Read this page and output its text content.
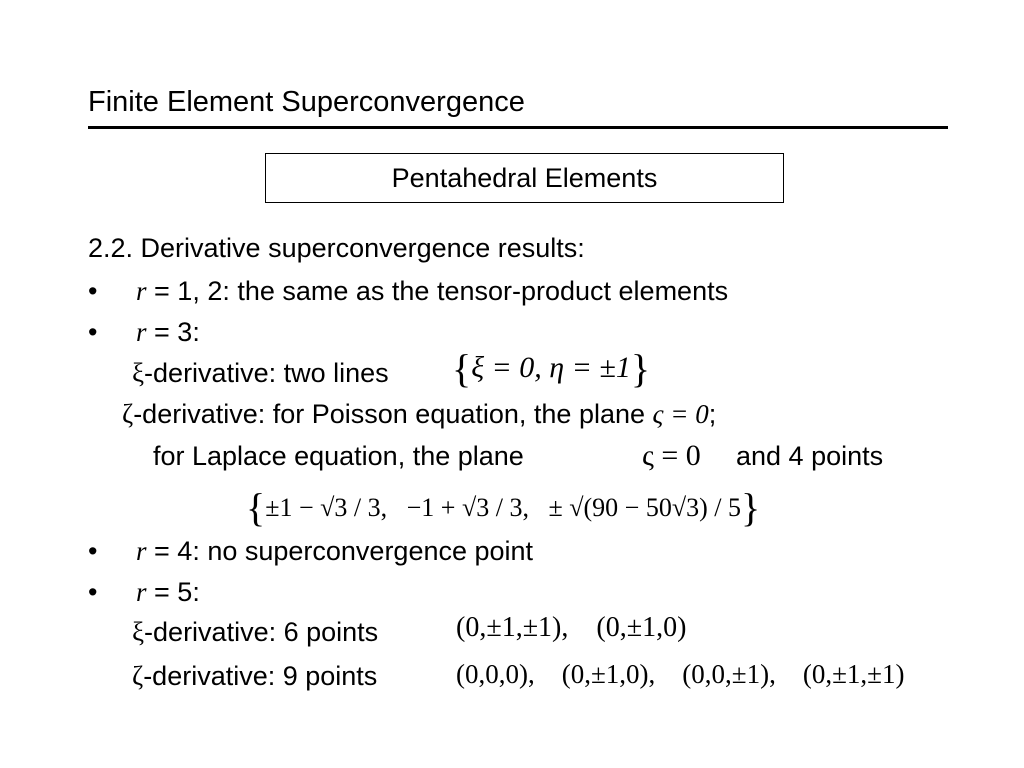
Finite Element Superconvergence
Pentahedral Elements
2.2. Derivative superconvergence results:
• r = 1, 2: the same as the tensor-product elements
• r = 3:
ξ-derivative: two lines {ξ = 0, η = ±1}
ζ-derivative: for Poisson equation, the plane ς = 0;
for Laplace equation, the plane	ς = 0 and 4 points
{±1 − √3 / 3, −1 + √3 / 3, ± √(90 − 50√3) / 5}
• r = 4: no superconvergence point
• r = 5:
ξ-derivative: 6 points	(0,±1,±1), (0,±1,0)
ζ-derivative: 9 points	(0,0,0), (0,±1,0), (0,0,±1), (0,±1,±1)
